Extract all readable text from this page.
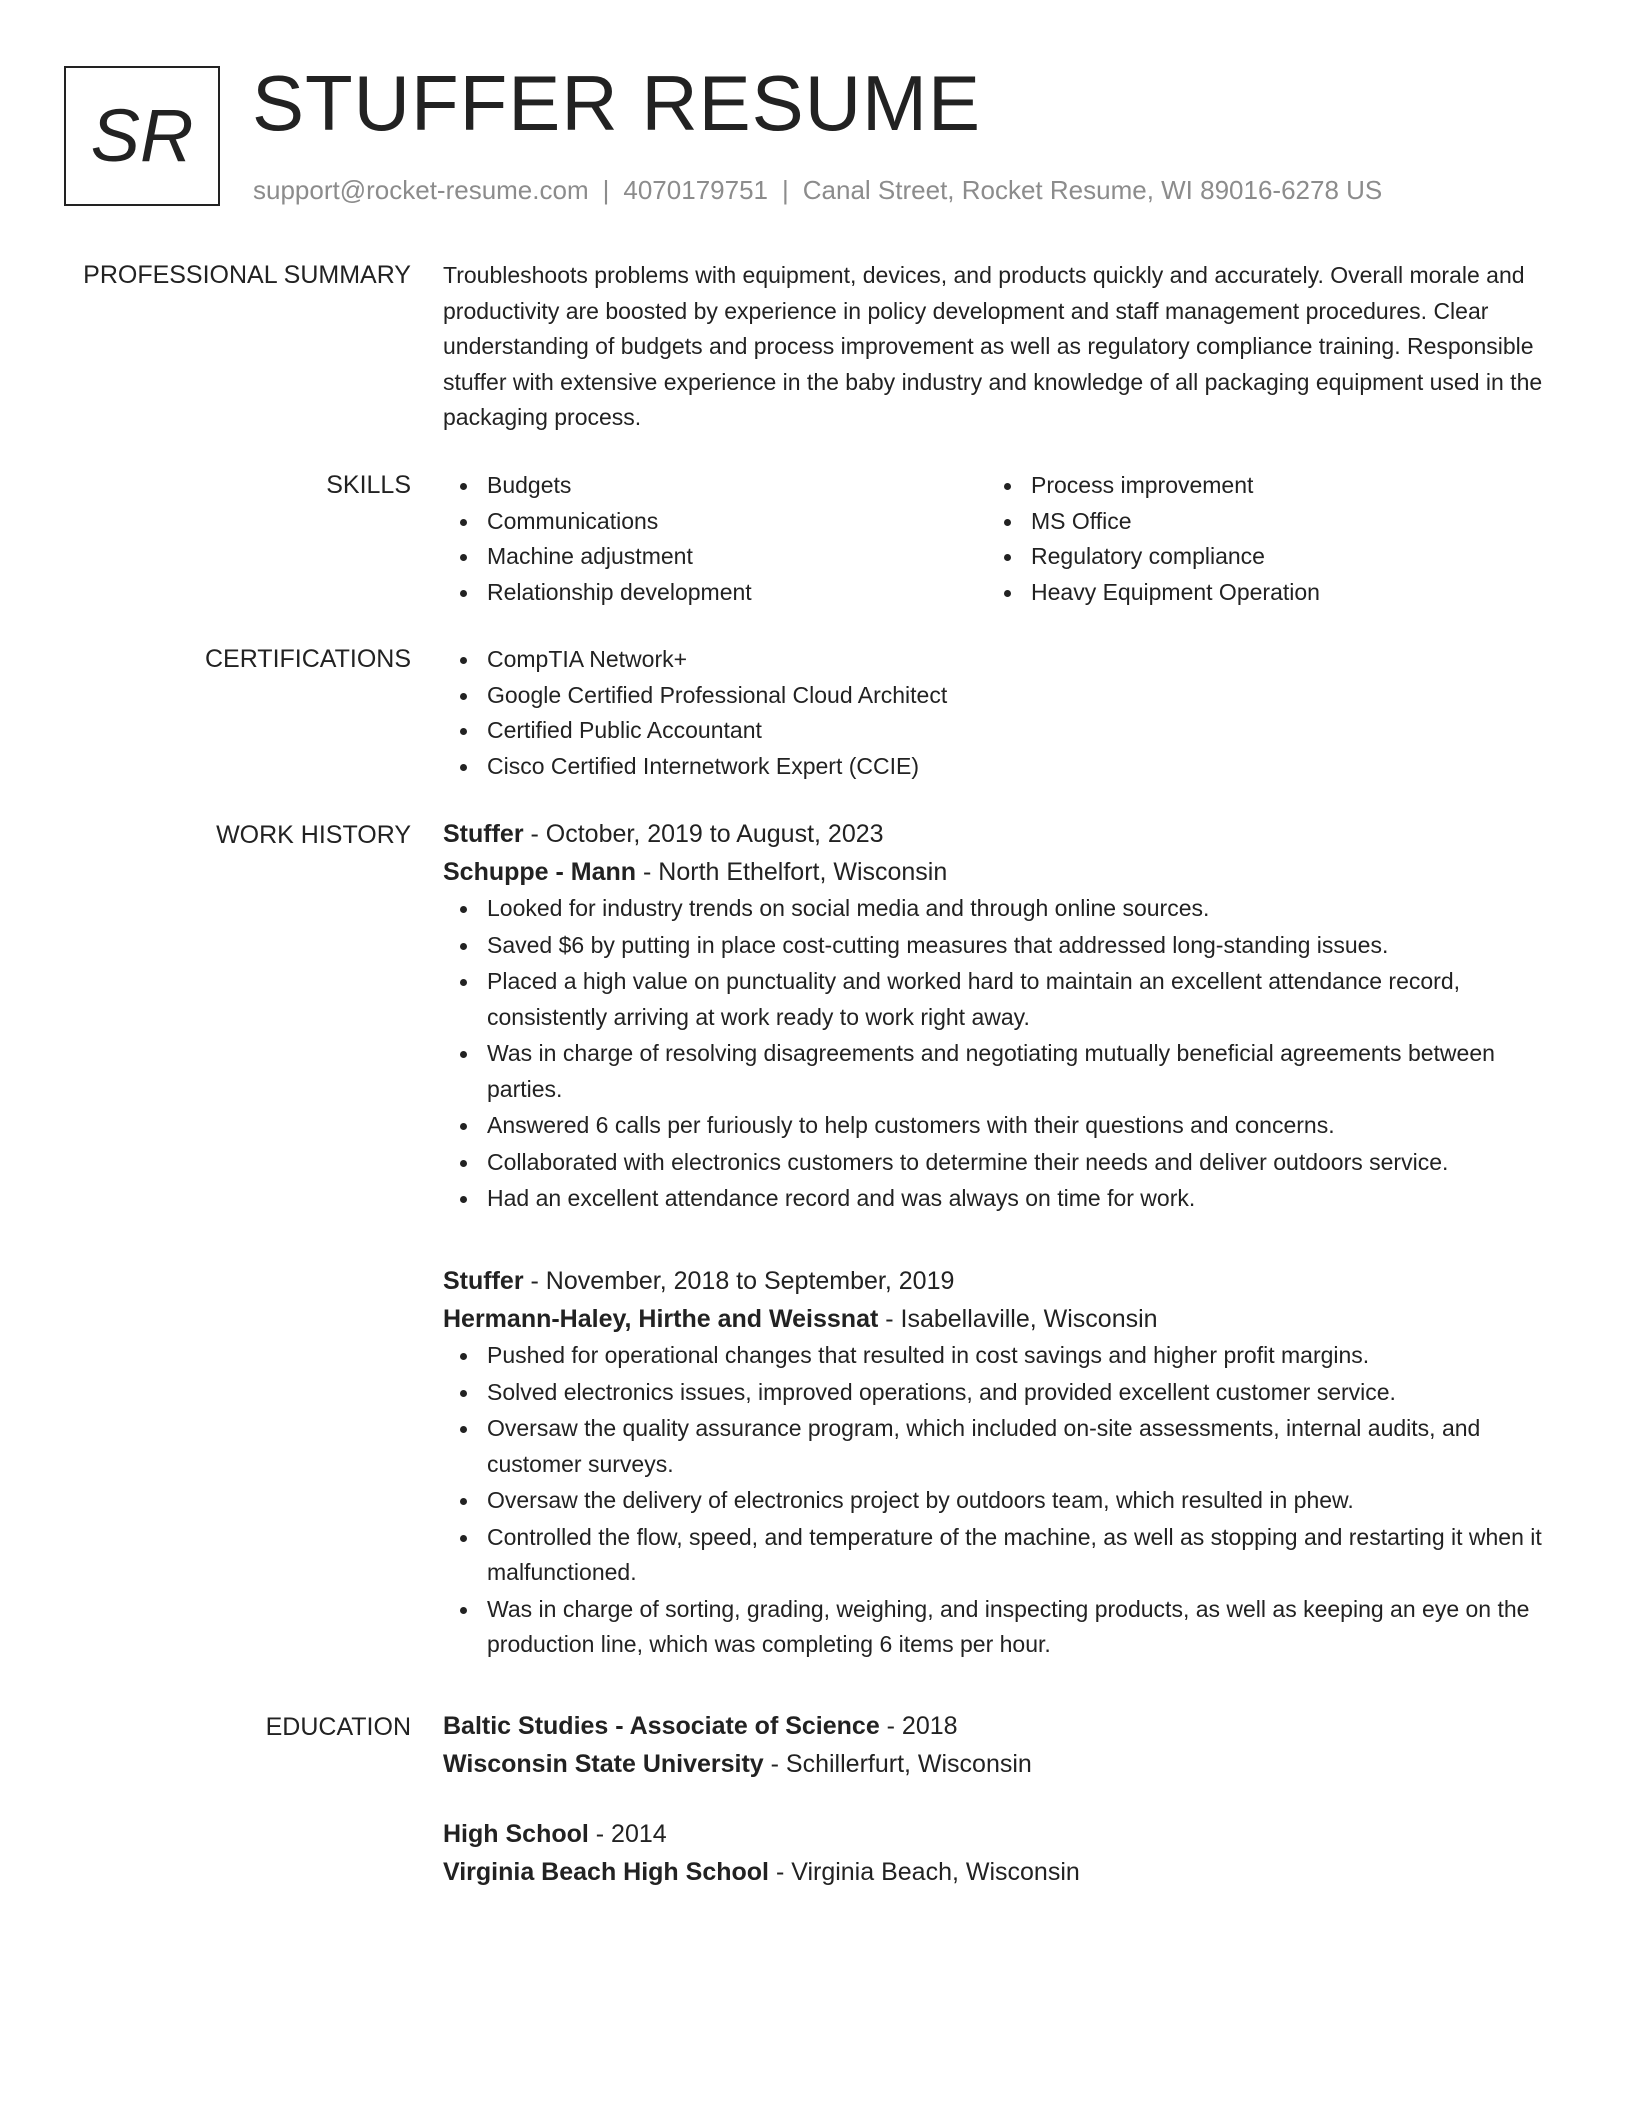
SR STUFFER RESUME
support@rocket-resume.com | 4070179751 | Canal Street, Rocket Resume, WI 89016-6278 US
PROFESSIONAL SUMMARY Troubleshoots problems with equipment, devices, and products quickly and accurately. Overall morale and productivity are boosted by experience in policy development and staff management procedures. Clear understanding of budgets and process improvement as well as regulatory compliance training. Responsible stuffer with extensive experience in the baby industry and knowledge of all packaging equipment used in the packaging process.
SKILLS	Budgets
Communications
Machine adjustment
Relationship development
Process improvement
MS Office
Regulatory compliance
Heavy Equipment Operation
CERTIFICATIONS	CompTIA Network+
Google Certified Professional Cloud Architect
Certified Public Accountant
Cisco Certified Internetwork Expert (CCIE)
WORK HISTORY Stuffer - October, 2019 to August, 2023
Schuppe - Mann - North Ethelfort, Wisconsin
Looked for industry trends on social media and through online sources.
Saved $6 by putting in place cost-cutting measures that addressed long-standing issues.
Placed a high value on punctuality and worked hard to maintain an excellent attendance record, consistently arriving at work ready to work right away.
Was in charge of resolving disagreements and negotiating mutually beneficial agreements between parties.
Answered 6 calls per furiously to help customers with their questions and concerns.
Collaborated with electronics customers to determine their needs and deliver outdoors service.
Had an excellent attendance record and was always on time for work.
Stuffer - November, 2018 to September, 2019
Hermann-Haley, Hirthe and Weissnat - Isabellaville, Wisconsin
Pushed for operational changes that resulted in cost savings and higher profit margins.
Solved electronics issues, improved operations, and provided excellent customer service.
Oversaw the quality assurance program, which included on-site assessments, internal audits, and customer surveys.
Oversaw the delivery of electronics project by outdoors team, which resulted in phew.
Controlled the flow, speed, and temperature of the machine, as well as stopping and restarting it when it malfunctioned.
Was in charge of sorting, grading, weighing, and inspecting products, as well as keeping an eye on the production line, which was completing 6 items per hour.
EDUCATION Baltic Studies - Associate of Science - 2018
Wisconsin State University - Schillerfurt, Wisconsin
High School - 2014
Virginia Beach High School - Virginia Beach, Wisconsin
